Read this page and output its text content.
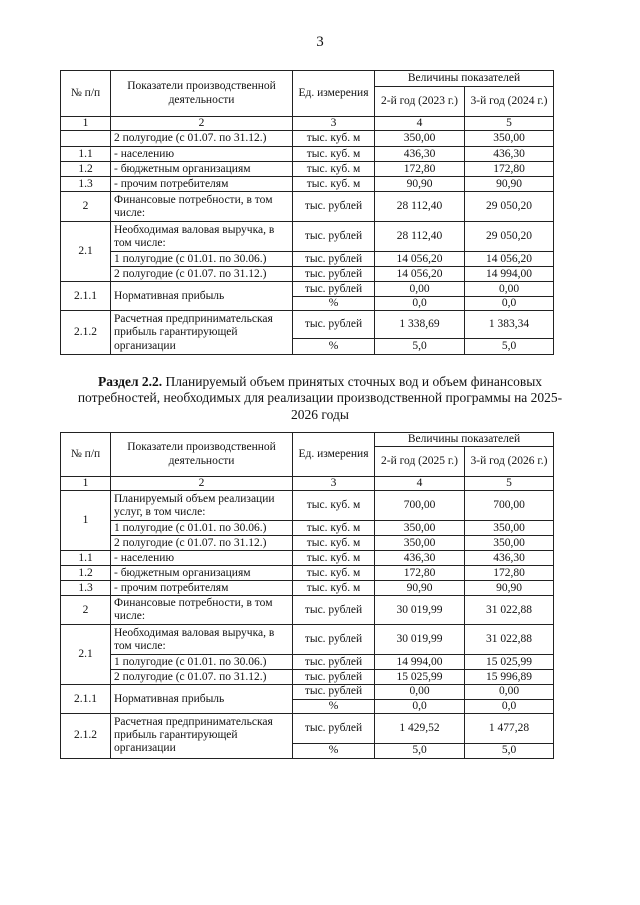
3
№ п/п	Показатели производственной деятельности	Ед. измерения	Величины показателей	
			2-й год (2023 г.)	3-й год (2024 г.)
1	2	3	4	5
	2 полугодие (с 01.07. по 31.12.)	тыс. куб. м	350,00	350,00
1.1	- населению	тыс. куб. м	436,30	436,30
1.2	- бюджетным организациям	тыс. куб. м	172,80	172,80
1.3	- прочим потребителям	тыс. куб. м	90,90	90,90
2	Финансовые потребности, в том числе:	тыс. рублей	28 112,40	29 050,20
2.1	Необходимая валовая выручка, в том числе:	тыс. рублей	28 112,40	29 050,20
	1 полугодие (с 01.01. по 30.06.)	тыс. рублей	14 056,20	14 056,20
	2 полугодие (с 01.07. по 31.12.)	тыс. рублей	14 056,20	14 994,00
2.1.1	Нормативная прибыль	тыс. рублей	0,00	0,00
		%	0,0	0,0
2.1.2	Расчетная предпринимательская прибыль гарантирующей организации	тыс. рублей	1 338,69	1 383,34
		%	5,0	5,0
Раздел 2.2. Планируемый объем принятых сточных вод и объем финансовых потребностей, необходимых для реализации производственной программы на 2025-2026 годы
№ п/п	Показатели производственной деятельности	Ед. измерения	Величины показателей	
			2-й год (2025 г.)	3-й год (2026 г.)
1	2	3	4	5
1	Планируемый объем реализации услуг, в том числе:	тыс. куб. м	700,00	700,00
	1 полугодие (с 01.01. по 30.06.)	тыс. куб. м	350,00	350,00
	2 полугодие (с 01.07. по 31.12.)	тыс. куб. м	350,00	350,00
1.1	- населению	тыс. куб. м	436,30	436,30
1.2	- бюджетным организациям	тыс. куб. м	172,80	172,80
1.3	- прочим потребителям	тыс. куб. м	90,90	90,90
2	Финансовые потребности, в том числе:	тыс. рублей	30 019,99	31 022,88
2.1	Необходимая валовая выручка, в том числе:	тыс. рублей	30 019,99	31 022,88
	1 полугодие (с 01.01. по 30.06.)	тыс. рублей	14 994,00	15 025,99
	2 полугодие (с 01.07. по 31.12.)	тыс. рублей	15 025,99	15 996,89
2.1.1	Нормативная прибыль	тыс. рублей	0,00	0,00
		%	0,0	0,0
2.1.2	Расчетная предпринимательская прибыль гарантирующей организации	тыс. рублей	1 429,52	1 477,28
		%	5,0	5,0
